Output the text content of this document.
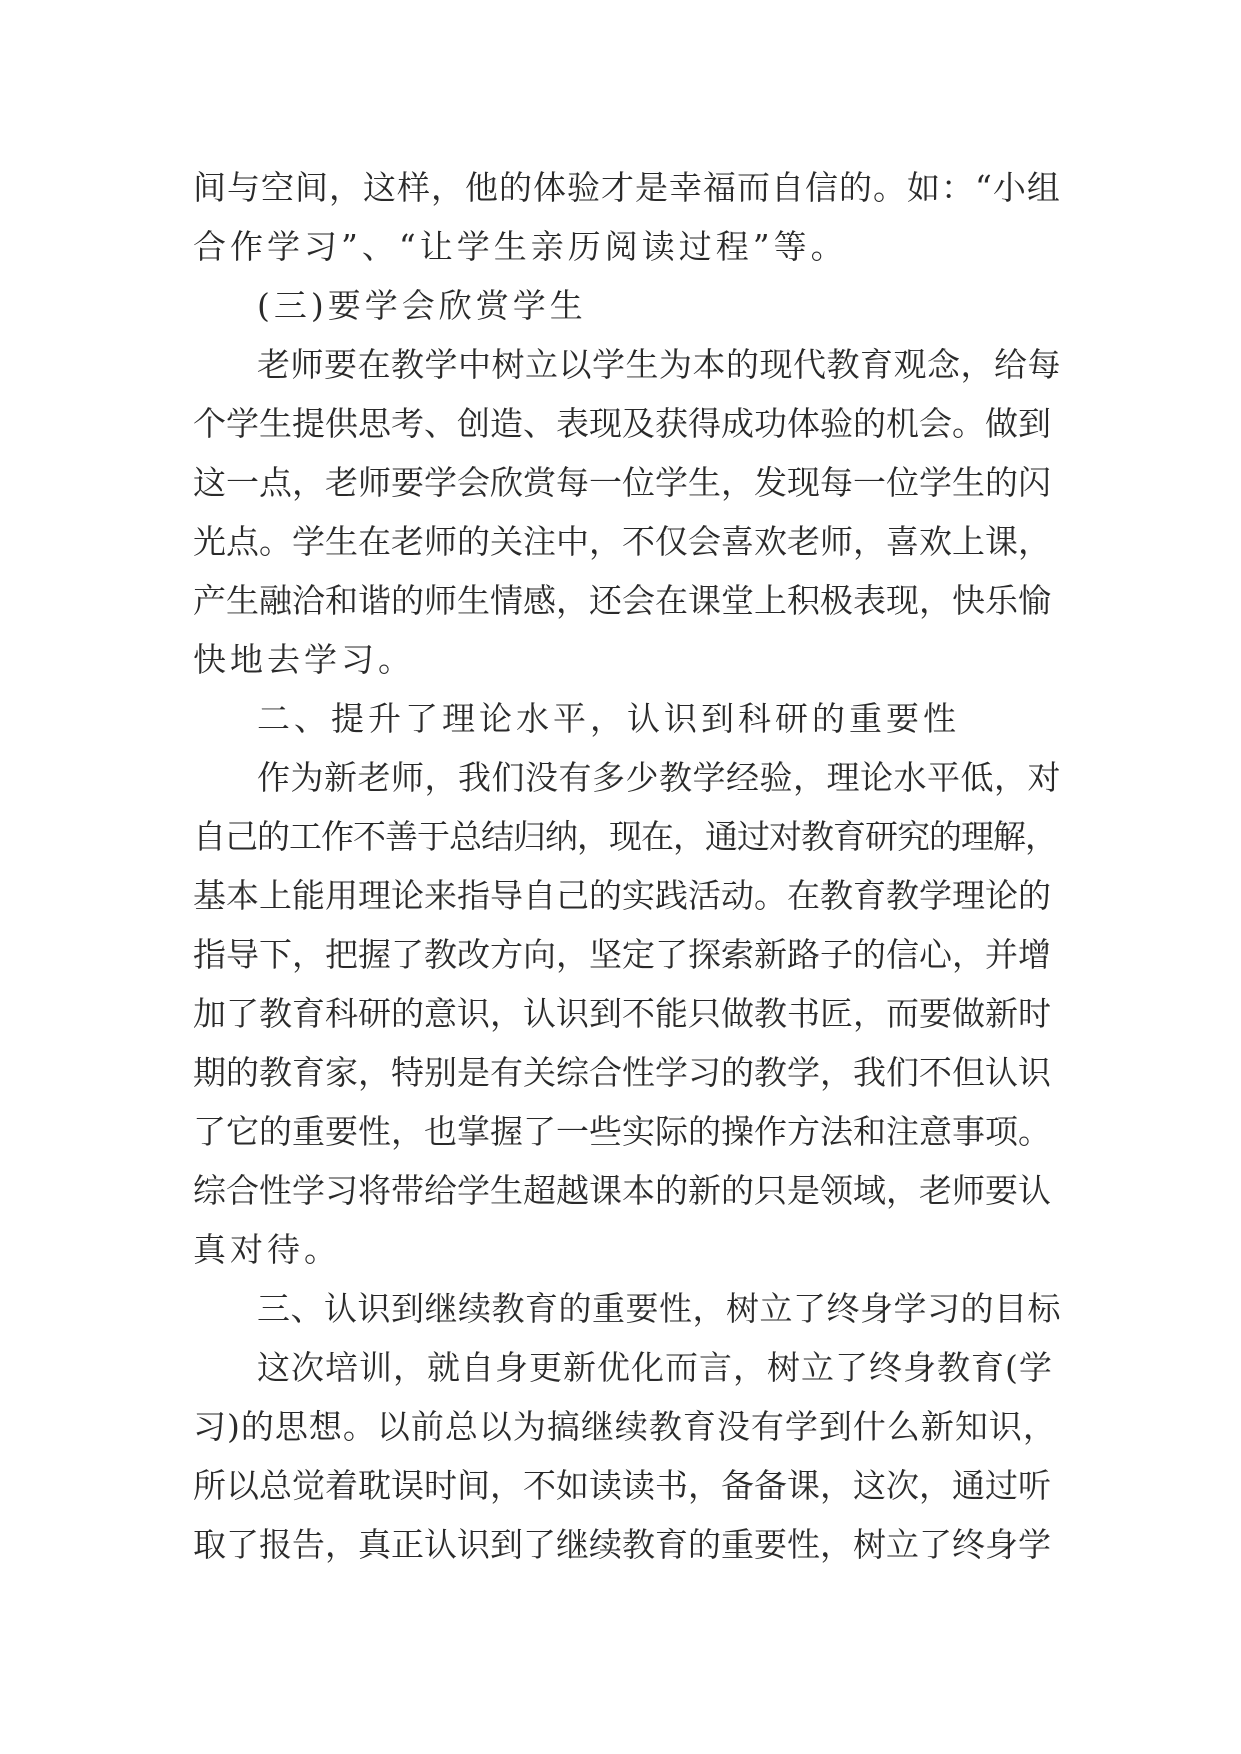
间与空间，这样，他的体验才是幸福而自信的。如：“小组
合作学习”、“让学生亲历阅读过程”等。
(三)要学会欣赏学生
老师要在教学中树立以学生为本的现代教育观念，给每
个学生提供思考、创造、表现及获得成功体验的机会。做到
这一点，老师要学会欣赏每一位学生，发现每一位学生的闪
光点。学生在老师的关注中，不仅会喜欢老师，喜欢上课，
产生融洽和谐的师生情感，还会在课堂上积极表现，快乐愉
快地去学习。
二、提升了理论水平，认识到科研的重要性
作为新老师，我们没有多少教学经验，理论水平低，对
自己的工作不善于总结归纳，现在，通过对教育研究的理解，
基本上能用理论来指导自己的实践活动。在教育教学理论的
指导下，把握了教改方向，坚定了探索新路子的信心，并增
加了教育科研的意识，认识到不能只做教书匠，而要做新时
期的教育家，特别是有关综合性学习的教学，我们不但认识
了它的重要性，也掌握了一些实际的操作方法和注意事项。
综合性学习将带给学生超越课本的新的只是领域，老师要认
真对待。
三、认识到继续教育的重要性，树立了终身学习的目标
这次培训，就自身更新优化而言，树立了终身教育(学
习)的思想。以前总以为搞继续教育没有学到什么新知识，
所以总觉着耽误时间，不如读读书，备备课，这次，通过听
取了报告，真正认识到了继续教育的重要性，树立了终身学
